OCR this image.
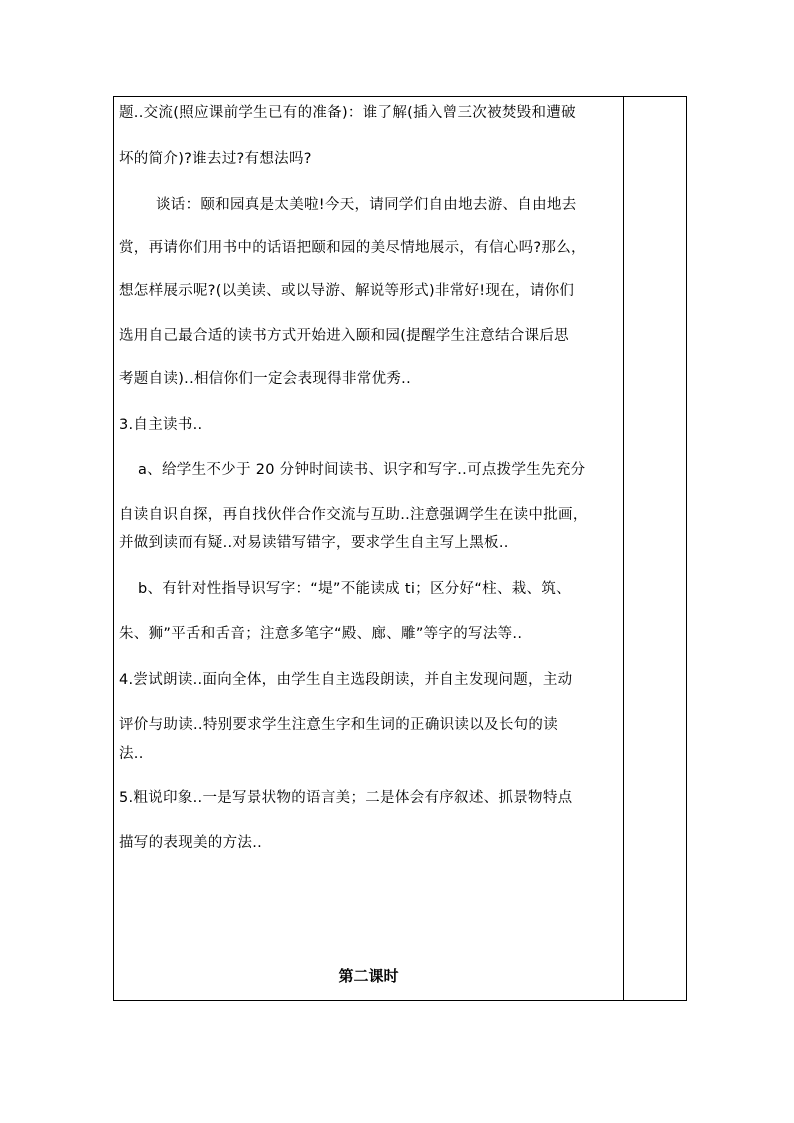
题..交流(照应课前学生已有的准备)：谁了解(插入曾三次被焚毁和遭破
坏的简介)?谁去过?有想法吗?
谈话：颐和园真是太美啦!今天，请同学们自由地去游、自由地去
赏，再请你们用书中的话语把颐和园的美尽情地展示，有信心吗?那么，
想怎样展示呢?(以美读、或以导游、解说等形式)非常好!现在，请你们
选用自己最合适的读书方式开始进入颐和园(提醒学生注意结合课后思
考题自读)..相信你们一定会表现得非常优秀..
3.自主读书..
a、给学生不少于 20 分钟时间读书、识字和写字..可点拨学生先充分
自读自识自探，再自找伙伴合作交流与互助..注意强调学生在读中批画，
并做到读而有疑..对易读错写错字，要求学生自主写上黑板..
b、有针对性指导识写字：“堤”不能读成 ti；区分好“柱、栽、筑、
朱、狮”平舌和舌音；注意多笔字“殿、廊、雕”等字的写法等..
4.尝试朗读..面向全体，由学生自主选段朗读，并自主发现问题，主动
评价与助读..特别要求学生注意生字和生词的正确识读以及长句的读
法..
5.粗说印象..一是写景状物的语言美；二是体会有序叙述、抓景物特点
描写的表现美的方法..
第二课时
